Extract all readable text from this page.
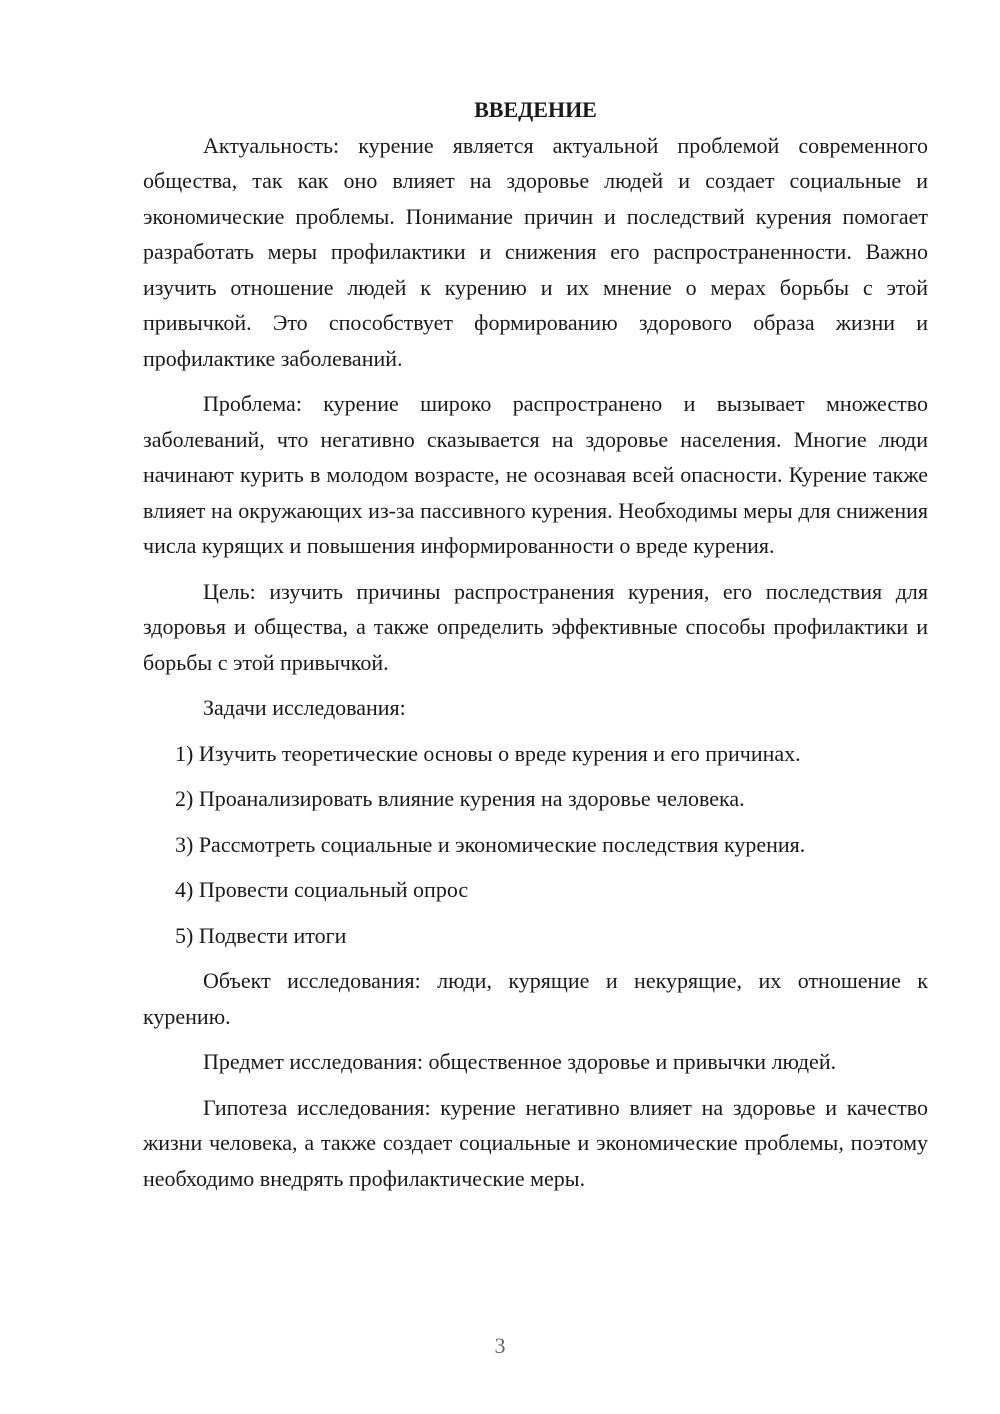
ВВЕДЕНИЕ

Актуальность: курение является актуальной проблемой современного общества, так как оно влияет на здоровье людей и создает социальные и экономические проблемы. Понимание причин и последствий курения помогает разработать меры профилактики и снижения его распространенности. Важно изучить отношение людей к курению и их мнение о мерах борьбы с этой привычкой. Это способствует формированию здорового образа жизни и профилактике заболеваний.

Проблема: курение широко распространено и вызывает множество заболеваний, что негативно сказывается на здоровье населения. Многие люди начинают курить в молодом возрасте, не осознавая всей опасности. Курение также влияет на окружающих из-за пассивного курения. Необходимы меры для снижения числа курящих и повышения информированности о вреде курения.

Цель: изучить причины распространения курения, его последствия для здоровья и общества, а также определить эффективные способы профилактики и борьбы с этой привычкой.

Задачи исследования:

1) Изучить теоретические основы о вреде курения и его причинах.
2) Проанализировать влияние курения на здоровье человека.
3) Рассмотреть социальные и экономические последствия курения.
4) Провести социальный опрос
5) Подвести итоги

Объект исследования: люди, курящие и некурящие, их отношение к курению.

Предмет исследования: общественное здоровье и привычки людей.

Гипотеза исследования: курение негативно влияет на здоровье и качество жизни человека, а также создает социальные и экономические проблемы, поэтому необходимо внедрять профилактические меры.

3
